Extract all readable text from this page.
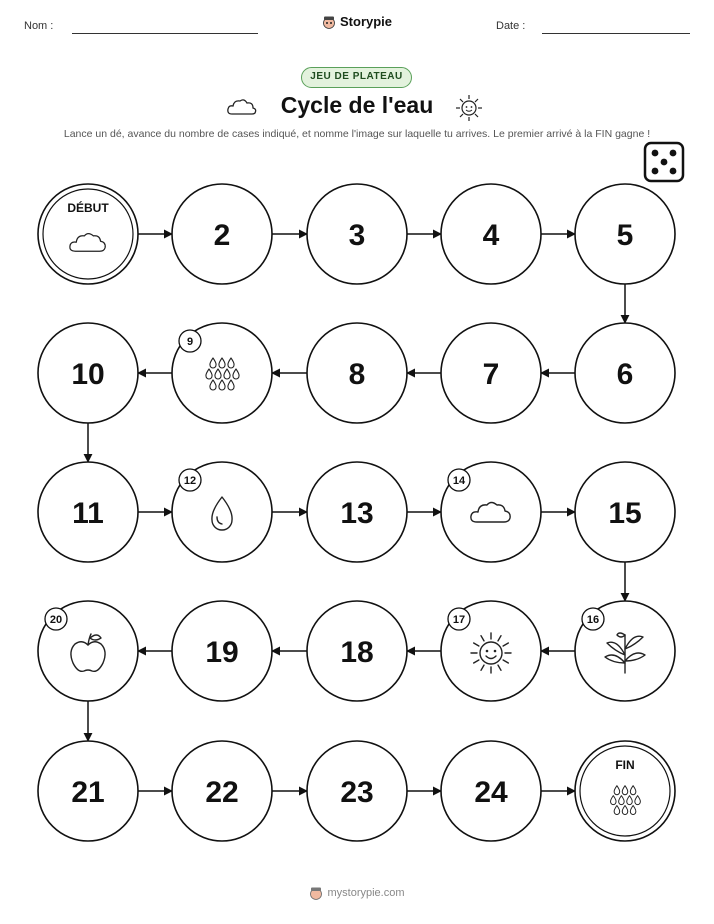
Nom :	Storypie	Date :
JEU DE PLATEAU
Cycle de l'eau
Lance un dé, avance du nombre de cases indiqué, et nomme l'image sur laquelle tu arrives. Le premier arrivé à la FIN gagne !
DÉBUT
2	3	4	5
10
9
8	7	6
11
12
13
14
15
20
19	18
17	16
21	22	23	24
FIN
mystorypie.com
